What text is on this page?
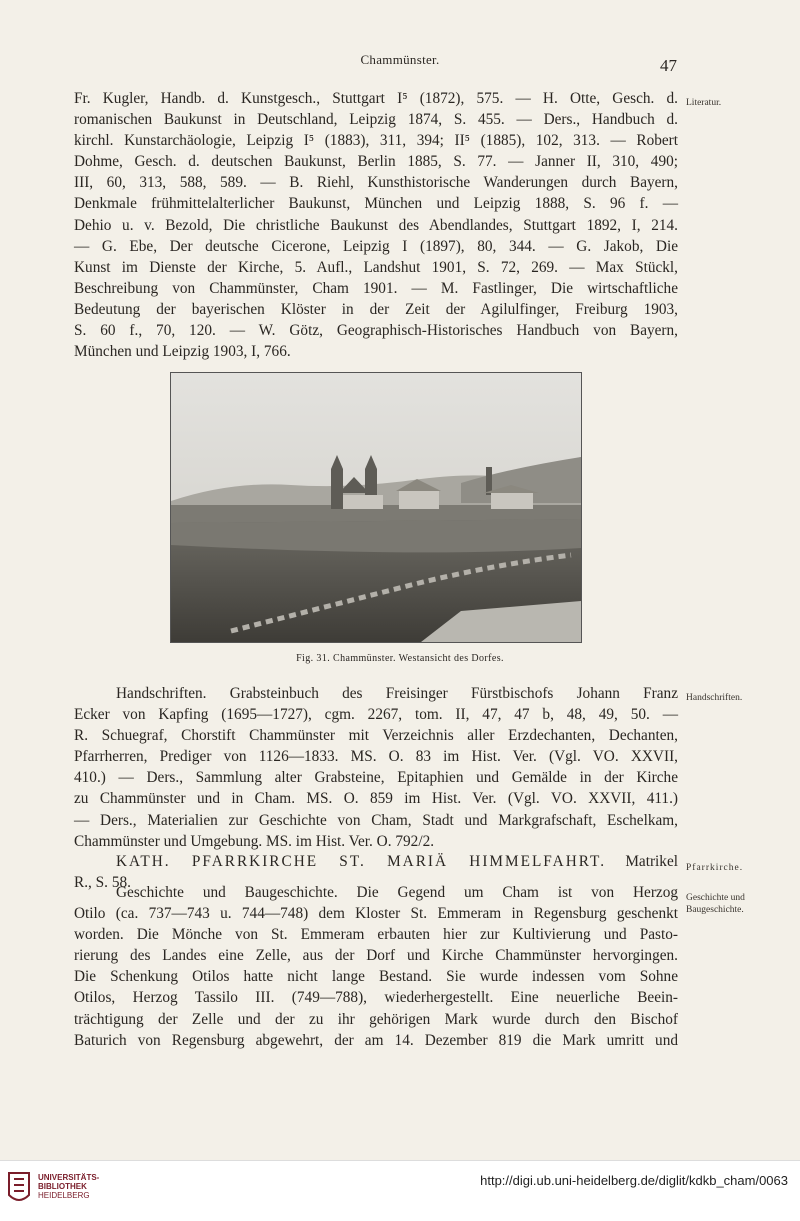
Chammünster.	47
Literatur.
Fr. Kugler, Handb. d. Kunstgesch., Stuttgart I⁵ (1872), 575. — H. Otte, Gesch. d.
romanischen Baukunst in Deutschland, Leipzig 1874, S. 455. — Ders., Handbuch d.
kirchl. Kunstarchäologie, Leipzig I⁵ (1883), 311, 394; II⁵ (1885), 102, 313. — Robert
Dohme, Gesch. d. deutschen Baukunst, Berlin 1885, S. 77. — Janner II, 310, 490;
III, 60, 313, 588, 589. — B. Riehl, Kunsthistorische Wanderungen durch Bayern,
Denkmale frühmittelalterlicher Baukunst, München und Leipzig 1888, S. 96 f. —
Dehio u. v. Bezold, Die christliche Baukunst des Abendlandes, Stuttgart 1892, I, 214.
— G. Ebe, Der deutsche Cicerone, Leipzig I (1897), 80, 344. — G. Jakob, Die
Kunst im Dienste der Kirche, 5. Aufl., Landshut 1901, S. 72, 269. — Max Stückl,
Beschreibung von Chammünster, Cham 1901. — M. Fastlinger, Die wirtschaftliche
Bedeutung der bayerischen Klöster in der Zeit der Agilulfinger, Freiburg 1903,
S. 60 f., 70, 120. — W. Götz, Geographisch-Historisches Handbuch von Bayern,
München und Leipzig 1903, I, 766.
Fig. 31. Chammünster. Westansicht des Dorfes.
Handschriften.
Handschriften. Grabsteinbuch des Freisinger Fürstbischofs Johann Franz
Ecker von Kapfing (1695—1727), cgm. 2267, tom. II, 47, 47 b, 48, 49, 50. —
R. Schuegraf, Chorstift Chammünster mit Verzeichnis aller Erzdechanten, Dechanten,
Pfarrherren, Prediger von 1126—1833. MS. O. 83 im Hist. Ver. (Vgl. VO. XXVII,
410.) — Ders., Sammlung alter Grabsteine, Epitaphien und Gemälde in der Kirche
zu Chammünster und in Cham. MS. O. 859 im Hist. Ver. (Vgl. VO. XXVII, 411.)
— Ders., Materialien zur Geschichte von Cham, Stadt und Markgrafschaft, Eschelkam,
Chammünster und Umgebung. MS. im Hist. Ver. O. 792/2.
Pfarrkirche.
KATH. PFARRKIRCHE ST. MARIÄ HIMMELFAHRT. Matrikel
R., S. 58.
Geschichte und
Baugeschichte.
Geschichte und Baugeschichte. Die Gegend um Cham ist von Herzog
Otilo (ca. 737—743 u. 744—748) dem Kloster St. Emmeram in Regensburg geschenkt
worden. Die Mönche von St. Emmeram erbauten hier zur Kultivierung und Pasto-
rierung des Landes eine Zelle, aus der Dorf und Kirche Chammünster hervorgingen.
Die Schenkung Otilos hatte nicht lange Bestand. Sie wurde indessen vom Sohne
Otilos, Herzog Tassilo III. (749—788), wiederhergestellt. Eine neuerliche Beein-
trächtigung der Zelle und der zu ihr gehörigen Mark wurde durch den Bischof
Baturich von Regensburg abgewehrt, der am 14. Dezember 819 die Mark umritt und
UNIVERSITÄTS-
BIBLIOTHEK
HEIDELBERG
http://digi.ub.uni-heidelberg.de/diglit/kdkb_cham/0063
